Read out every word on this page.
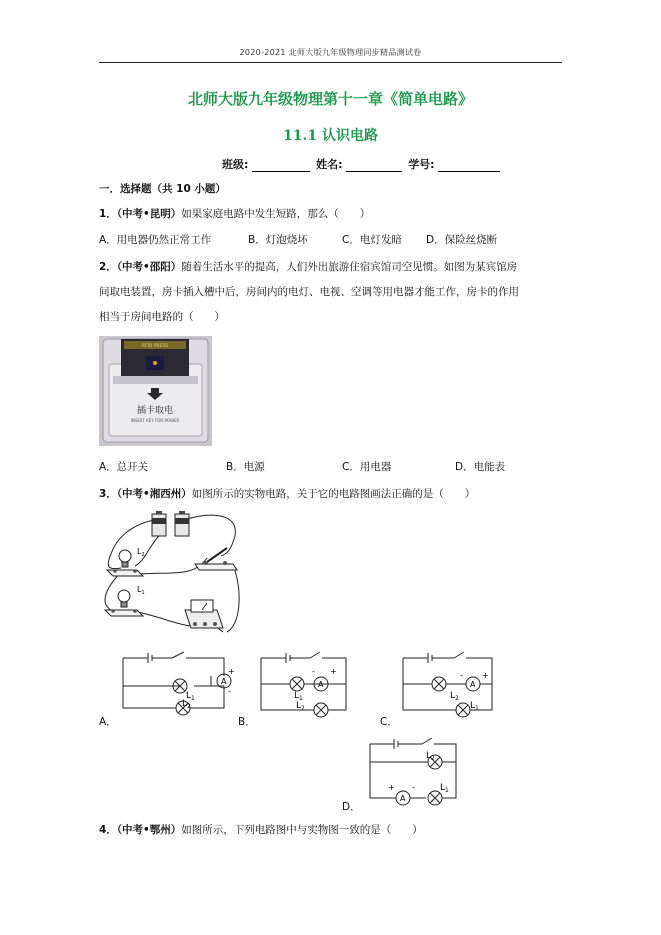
2020-2021 北师大版九年级物理同步精品测试卷
北师大版九年级物理第十一章《简单电路》
11.1 认识电路
班级:	姓名:	学号:
一．选择题（共 10 小题）
1．（中考•昆明）如果家庭电路中发生短路，那么（　　）
A．用电器仍然正常工作	B．灯泡烧坏	C．电灯发暗 D．保险丝烧断
2．（中考•邵阳）随着生活水平的提高，人们外出旅游住宿宾馆司空见惯。如图为某宾馆房
间取电装置，房卡插入槽中后，房间内的电灯、电视、空调等用电器才能工作，房卡的作用
相当于房间电路的（　　）
RFID PRESS
插卡取电
INSERT KEY FOR POWER
A．总开关	B．电源	C．用电器	D．电能表
3．（中考•湘西州）如图所示的实物电路，关于它的电路图画法正确的是（　　）
$L_2$
$L_1$
A
+
-
$L_1$
$L_2$
A
- +
$L_1$
$L_2$
A
- +
$L_2$
$L_1$
A．	B．	C．
A
+ -
$L_2$
$L_1$
D．
4．（中考•鄂州）如图所示，下列电路图中与实物图一致的是（　　）
